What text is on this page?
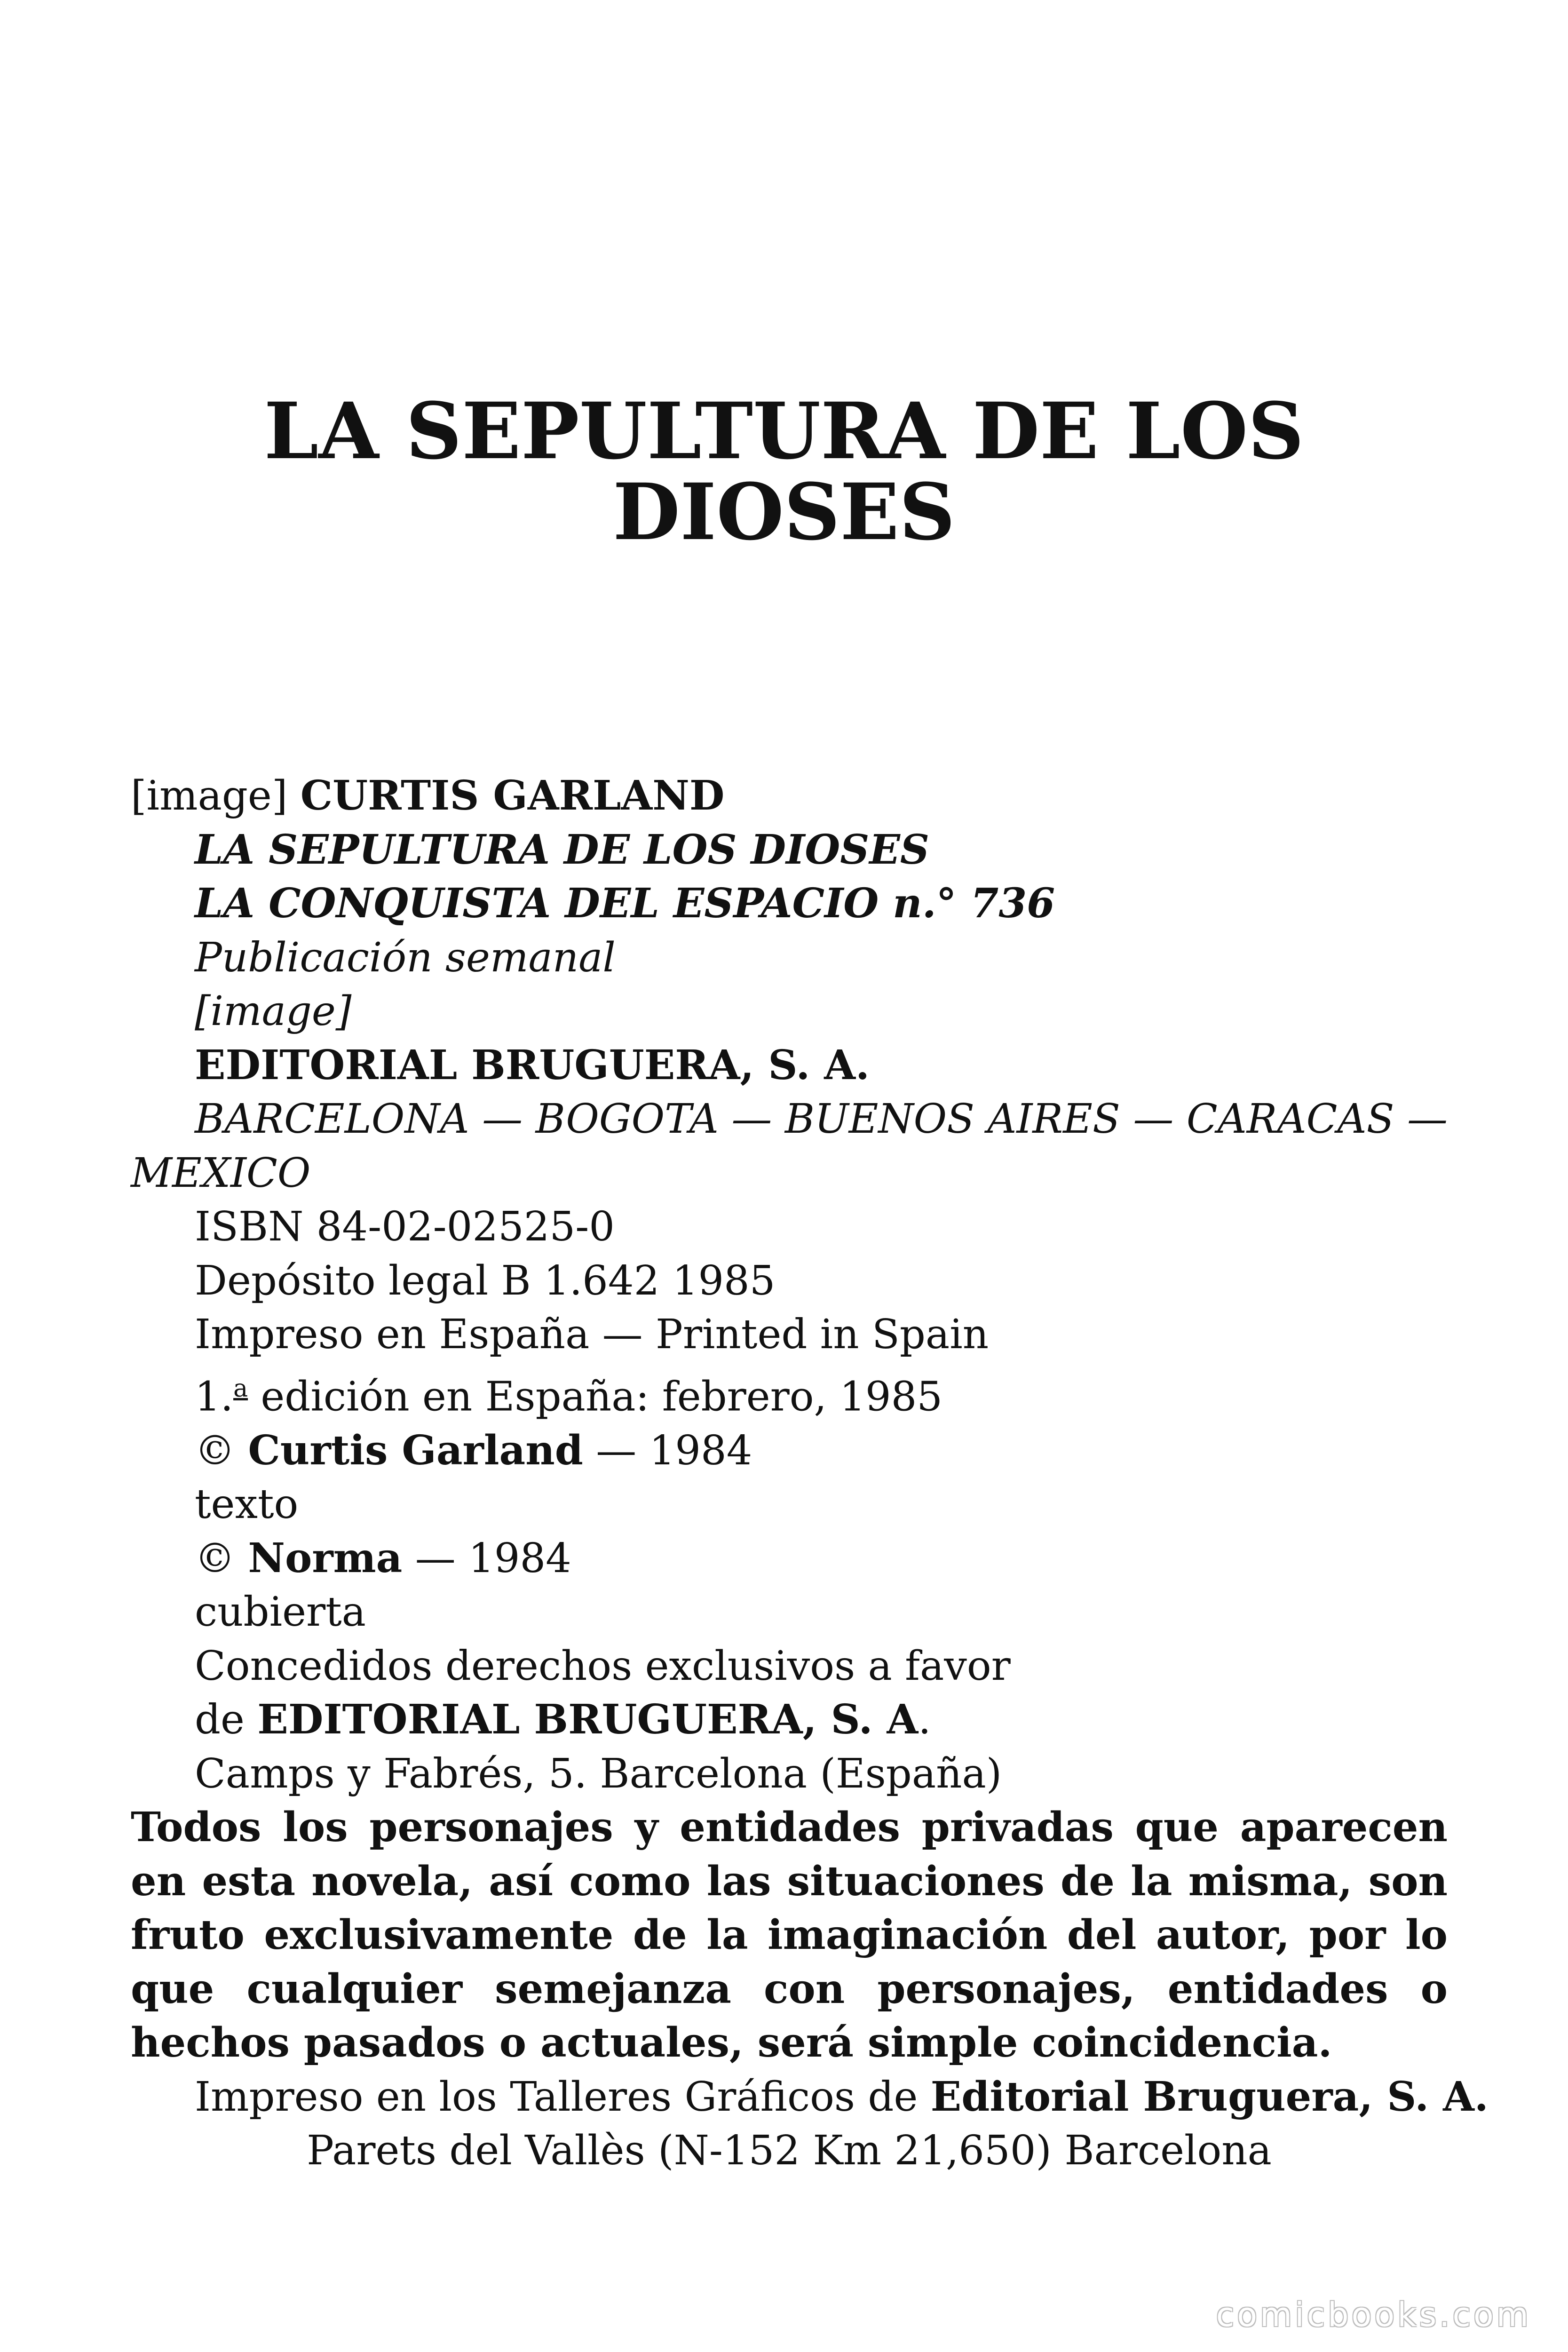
LA SEPULTURA DE LOS
DIOSES
[image] CURTIS GARLAND
LA SEPULTURA DE LOS DIOSES
LA CONQUISTA DEL ESPACIO n.° 736
Publicación semanal
[image]
EDITORIAL BRUGUERA, S. A.
BARCELONA — BOGOTA — BUENOS AIRES — CARACAS —
MEXICO
ISBN 84-02-02525-0
Depósito legal B 1.642 1985
Impreso en España — Printed in Spain
1.$^a$ edición en España: febrero, 1985
© Curtis Garland — 1984
texto
© Norma — 1984
cubierta
Concedidos derechos exclusivos a favor
de EDITORIAL BRUGUERA, S. A.
Camps y Fabrés, 5. Barcelona (España)

Todos los personajes y entidades privadas que aparecen en esta novela, así como las situaciones de la misma, son fruto exclusivamente de la imaginación del autor, por lo que cualquier semejanza con personajes, entidades o hechos pasados o actuales, será simple coincidencia.

Impreso en los Talleres Gráficos de Editorial Bruguera, S. A.
Parets del Vallès (N-152 Km 21,650) Barcelona
comicbooks.com
